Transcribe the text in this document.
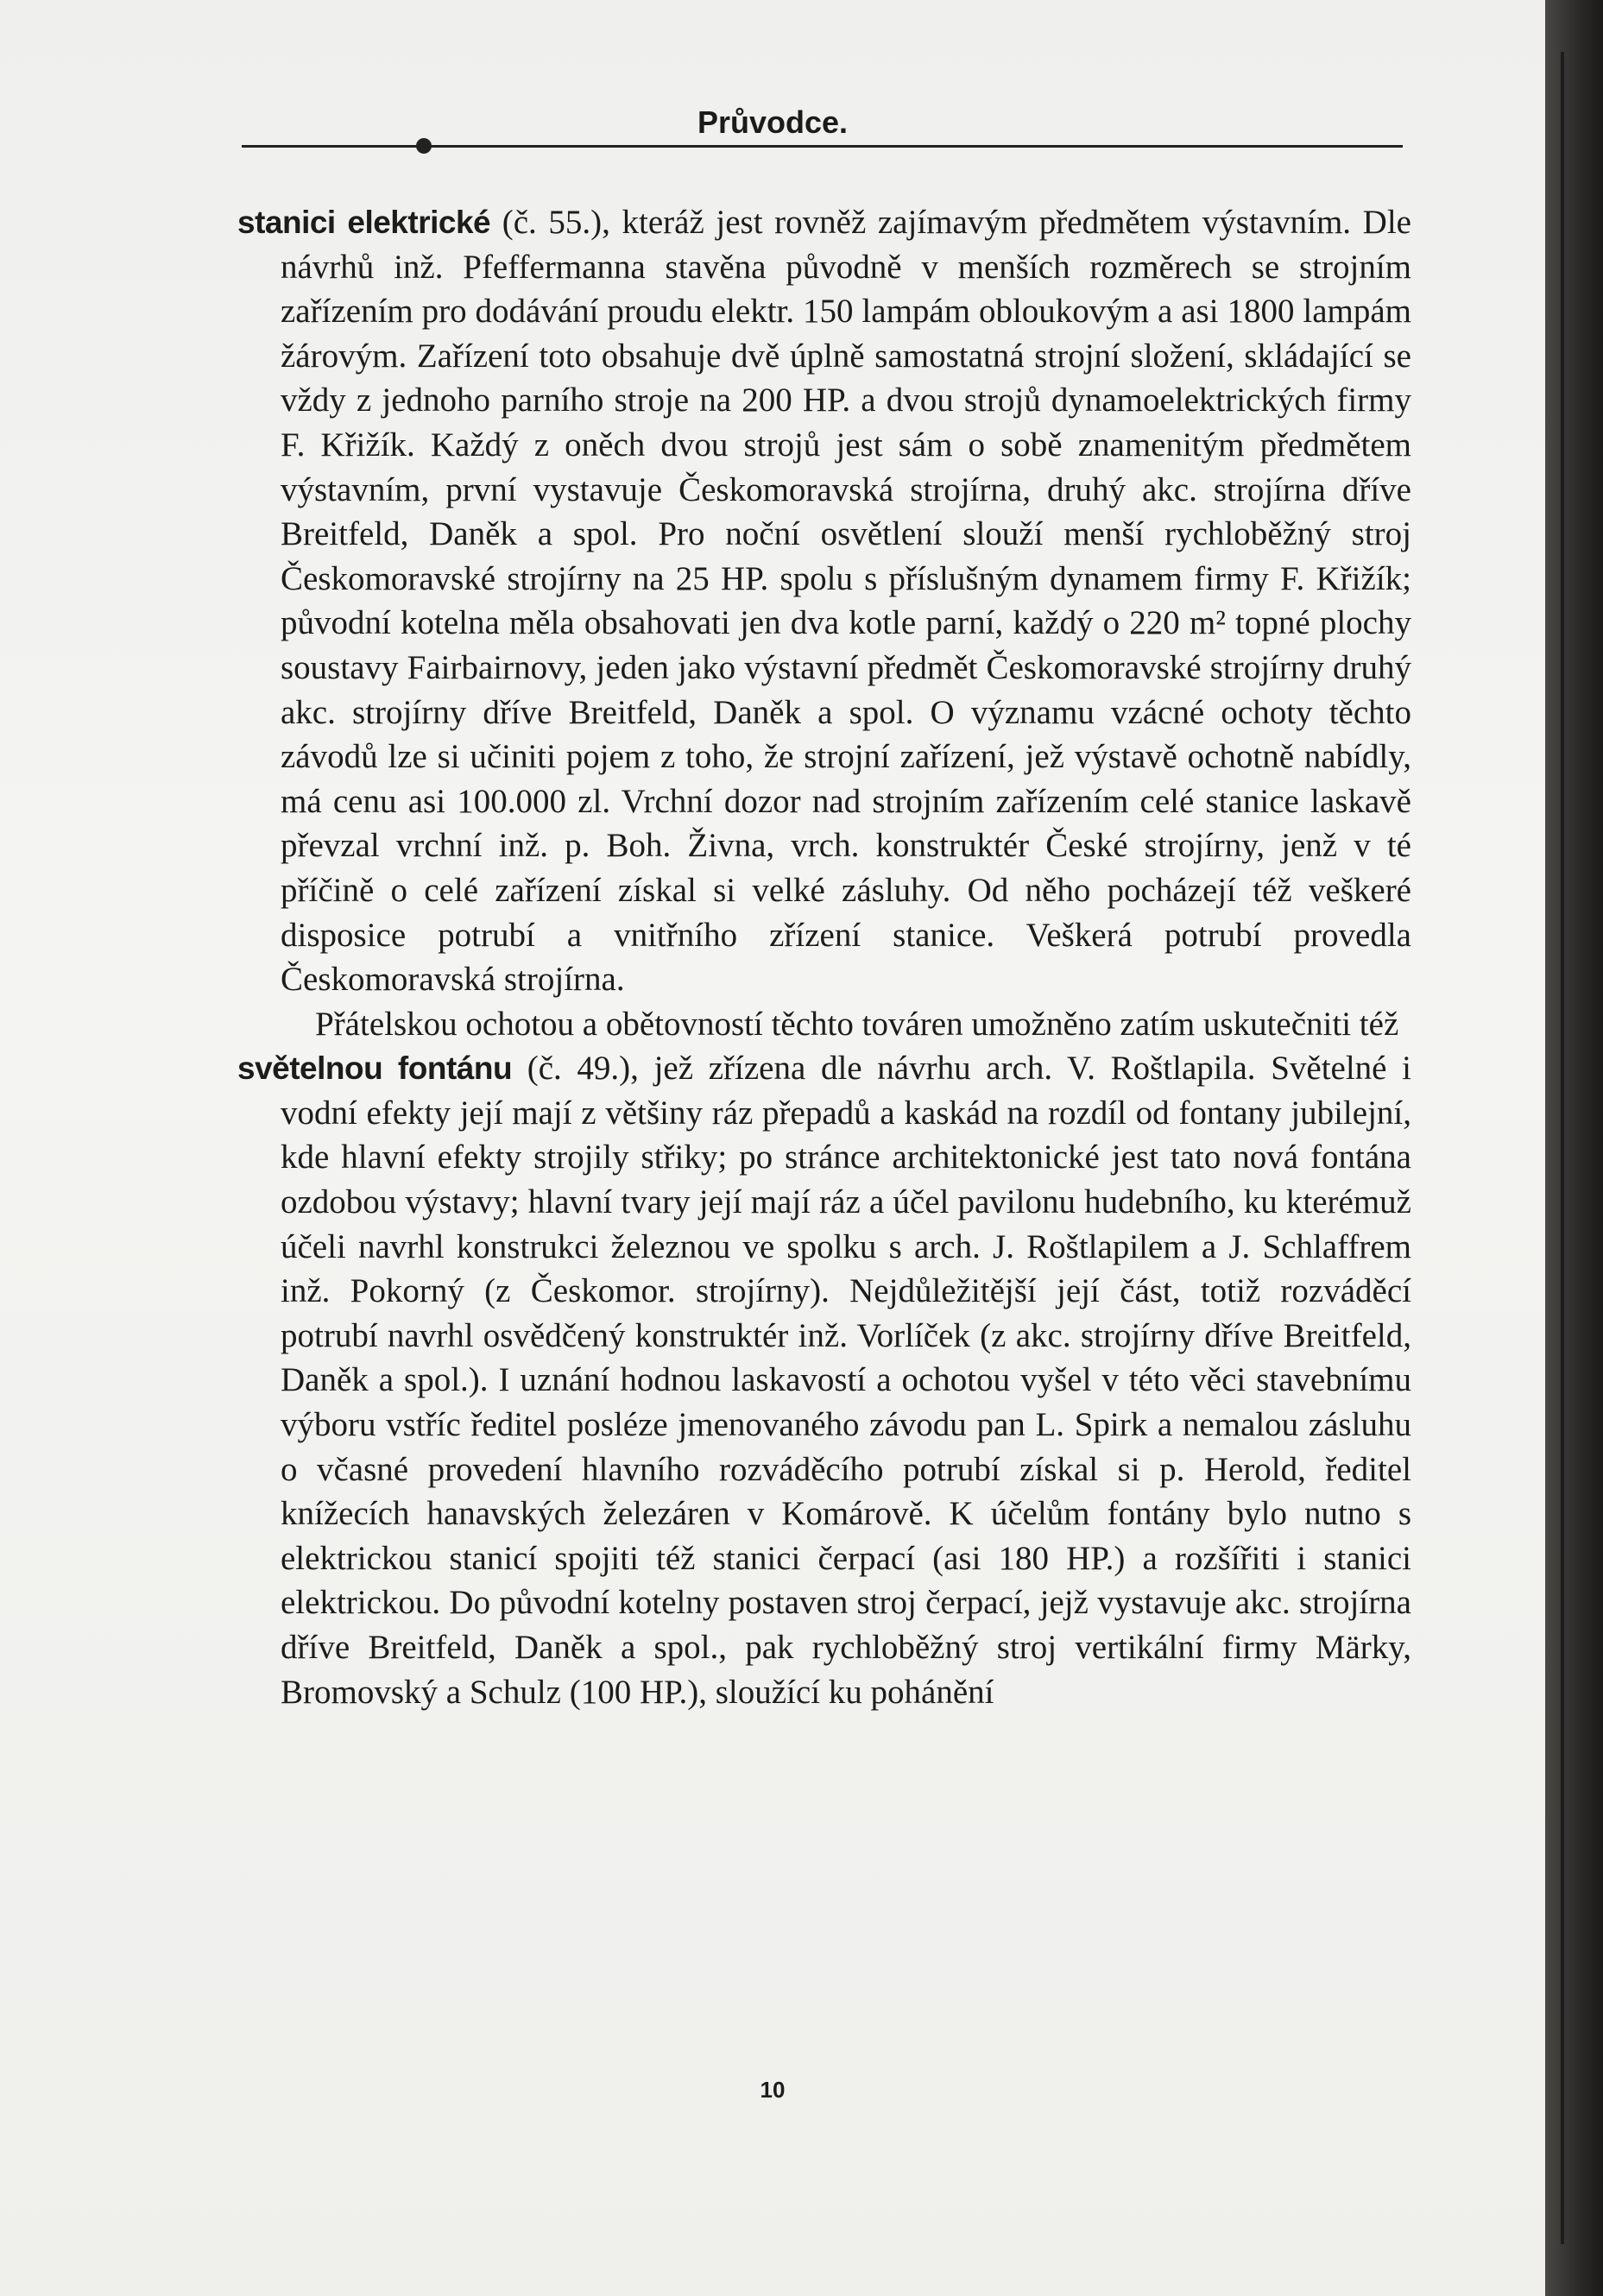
Průvodce.

stanici elektrické (č. 55.), kteráž jest rovněž zajímavým předmětem výstavním. Dle návrhů inž. Pfeffermanna stavěna původně v menších rozměrech se strojním zařízením pro dodávání proudu elektr. 150 lampám obloukovým a asi 1800 lampám žárovým. Zařízení toto obsahuje dvě úplně samostatná strojní složení, skládající se vždy z jednoho parního stroje na 200 HP. a dvou strojů dynamoelektrických firmy F. Křižík. Každý z oněch dvou strojů jest sám o sobě znamenitým předmětem výstavním, první vystavuje Českomoravská strojírna, druhý akc. strojírna dříve Breitfeld, Daněk a spol. Pro noční osvětlení slouží menší rychloběžný stroj Českomoravské strojírny na 25 HP. spolu s příslušným dynamem firmy F. Křižík; původní kotelna měla obsahovati jen dva kotle parní, každý o 220 m² topné plochy soustavy Fairbairnovy, jeden jako výstavní předmět Českomoravské strojírny druhý akc. strojírny dříve Breitfeld, Daněk a spol. O významu vzácné ochoty těchto závodů lze si učiniti pojem z toho, že strojní zařízení, jež výstavě ochotně nabídly, má cenu asi 100.000 zl. Vrchní dozor nad strojním zařízením celé stanice laskavě převzal vrchní inž. p. Boh. Živna, vrch. konstruktér České strojírny, jenž v té příčině o celé zařízení získal si velké zásluhy. Od něho pocházejí též veškeré disposice potrubí a vnitřního zřízení stanice. Veškerá potrubí provedla Českomoravská strojírna.

Přátelskou ochotou a obětovností těchto továren umožněno zatím uskutečniti též

světelnou fontánu (č. 49.), jež zřízena dle návrhu arch. V. Roštlapila. Světelné i vodní efekty její mají z většiny ráz přepadů a kaskád na rozdíl od fontany jubilejní, kde hlavní efekty strojily střiky; po stránce architektonické jest tato nová fontána ozdobou výstavy; hlavní tvary její mají ráz a účel pavilonu hudebního, ku kterémuž účeli navrhl konstrukci železnou ve spolku s arch. J. Roštlapilem a J. Schlaffrem inž. Pokorný (z Českomor. strojírny). Nejdůležitější její část, totiž rozváděcí potrubí navrhl osvědčený konstruktér inž. Vorlíček (z akc. strojírny dříve Breitfeld, Daněk a spol.). I uznání hodnou laskavostí a ochotou vyšel v této věci stavebnímu výboru vstříc ředitel posléze jmenovaného závodu pan L. Spirk a nemalou zásluhu o včasné provedení hlavního rozváděcího potrubí získal si p. Herold, ředitel knížecích hanavských železáren v Komárově. K účelům fontány bylo nutno s elektrickou stanicí spojiti též stanici čerpací (asi 180 HP.) a rozšířiti i stanici elektrickou. Do původní kotelny postaven stroj čerpací, jejž vystavuje akc. strojírna dříve Breitfeld, Daněk a spol., pak rychloběžný stroj vertikální firmy Märky, Bromovský a Schulz (100 HP.), sloužící ku pohánění

10
